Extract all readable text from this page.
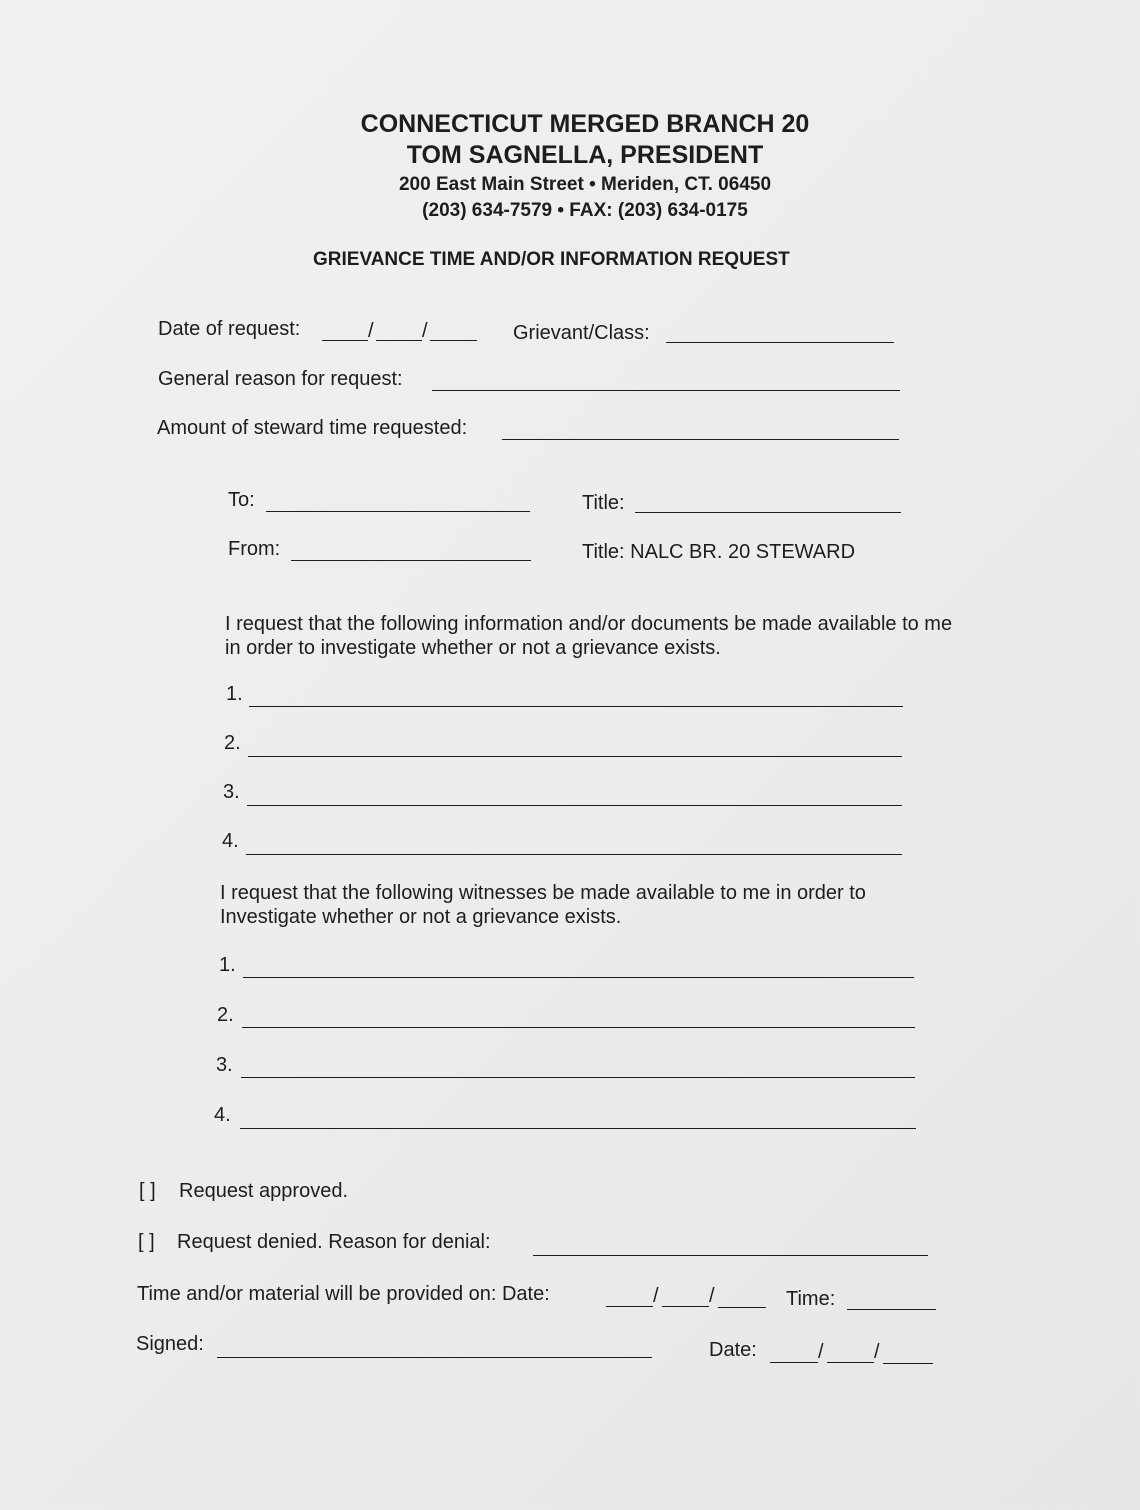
CONNECTICUT MERGED BRANCH 20
TOM SAGNELLA, PRESIDENT
200 East Main Street • Meriden, CT. 06450
(203) 634-7579 • FAX: (203) 634-0175
GRIEVANCE TIME AND/OR INFORMATION REQUEST
Date of request:	/ /	Grievant/Class:
General reason for request:
Amount of steward time requested:
To:	Title:
From:	Title: NALC BR. 20 STEWARD
I request that the following information and/or documents be made available to me in order to investigate whether or not a grievance exists.
1.
2.
3.
4.
I request that the following witnesses be made available to me in order to Investigate whether or not a grievance exists.
1.
2.
3.
4.
[ ] Request approved.
[ ] Request denied. Reason for denial:
Time and/or material will be provided on: Date:	/	/	Time:
Signed:	Date:	/	/
